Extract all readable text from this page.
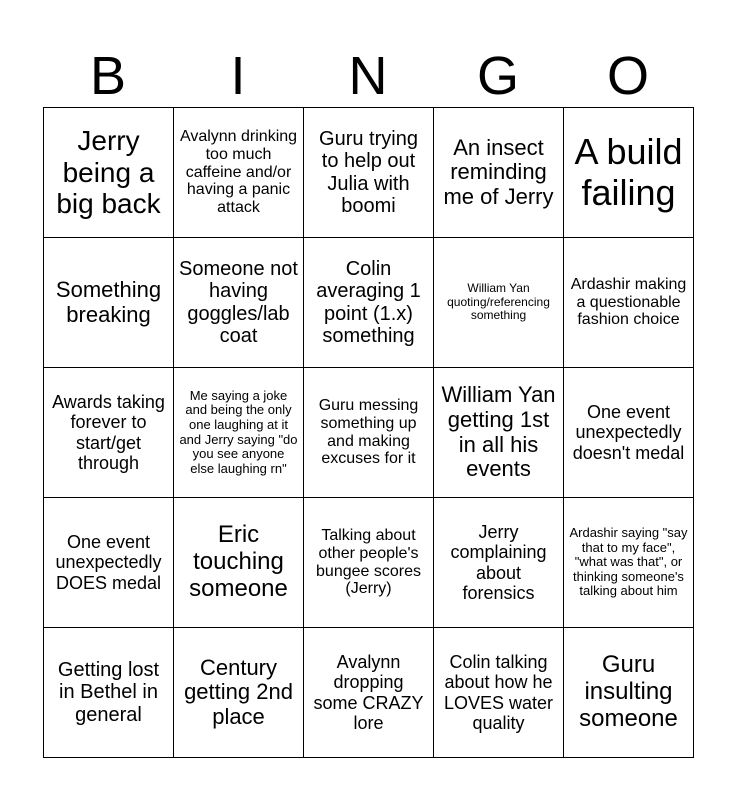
B	I	N	G	O
Jerry being a big back	Avalynn drinking too much caffeine and/or having a panic attack	Guru trying to help out Julia with boomi	An insect reminding me of Jerry	A build failing
Something breaking	Someone not having goggles/lab coat	Colin averaging 1 point (1.x) something	William Yan quoting/referencing something	Ardashir making a questionable fashion choice
Awards taking forever to start/get through	Me saying a joke and being the only one laughing at it and Jerry saying "do you see anyone else laughing rn"	Guru messing something up and making excuses for it	William Yan getting 1st in all his events	One event unexpectedly doesn't medal
One event unexpectedly DOES medal	Eric touching someone	Talking about other people's bungee scores (Jerry)	Jerry complaining about forensics	Ardashir saying "say that to my face", "what was that", or thinking someone's talking about him
Getting lost in Bethel in general	Century getting 2nd place	Avalynn dropping some CRAZY lore	Colin talking about how he LOVES water quality	Guru insulting someone
